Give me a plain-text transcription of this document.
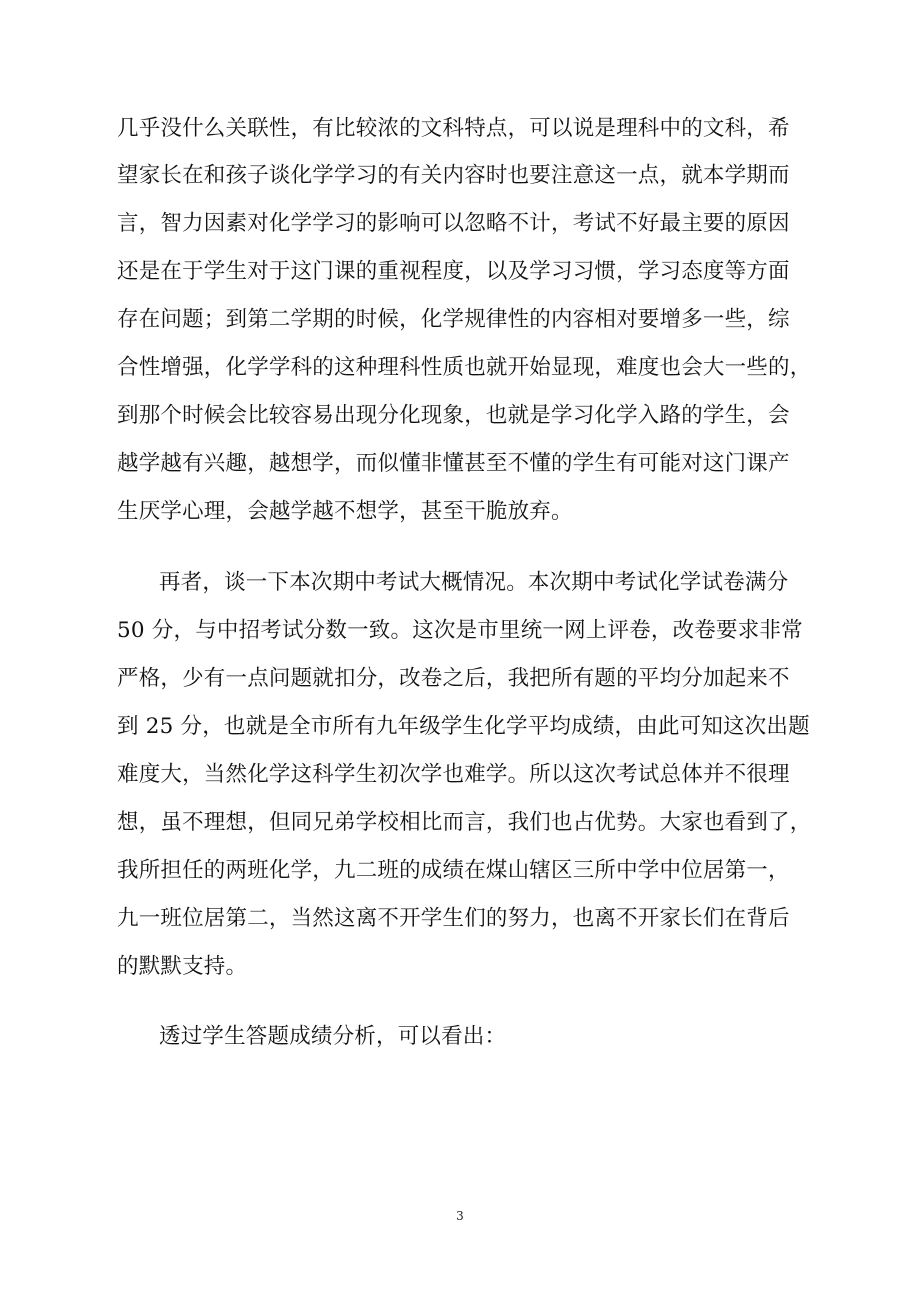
几乎没什么关联性，有比较浓的文科特点，可以说是理科中的文科，希
望家长在和孩子谈化学学习的有关内容时也要注意这一点，就本学期而
言，智力因素对化学学习的影响可以忽略不计，考试不好最主要的原因
还是在于学生对于这门课的重视程度，以及学习习惯，学习态度等方面
存在问题；到第二学期的时候，化学规律性的内容相对要增多一些，综
合性增强，化学学科的这种理科性质也就开始显现，难度也会大一些的，
到那个时候会比较容易出现分化现象，也就是学习化学入路的学生，会
越学越有兴趣，越想学，而似懂非懂甚至不懂的学生有可能对这门课产
生厌学心理，会越学越不想学，甚至干脆放弃。
再者，谈一下本次期中考试大概情况。本次期中考试化学试卷满分
50 分，与中招考试分数一致。这次是市里统一网上评卷，改卷要求非常
严格，少有一点问题就扣分，改卷之后，我把所有题的平均分加起来不
到 25 分，也就是全市所有九年级学生化学平均成绩，由此可知这次出题
难度大，当然化学这科学生初次学也难学。所以这次考试总体并不很理
想，虽不理想，但同兄弟学校相比而言，我们也占优势。大家也看到了，
我所担任的两班化学，九二班的成绩在煤山辖区三所中学中位居第一，
九一班位居第二，当然这离不开学生们的努力，也离不开家长们在背后
的默默支持。
透过学生答题成绩分析，可以看出：
3
